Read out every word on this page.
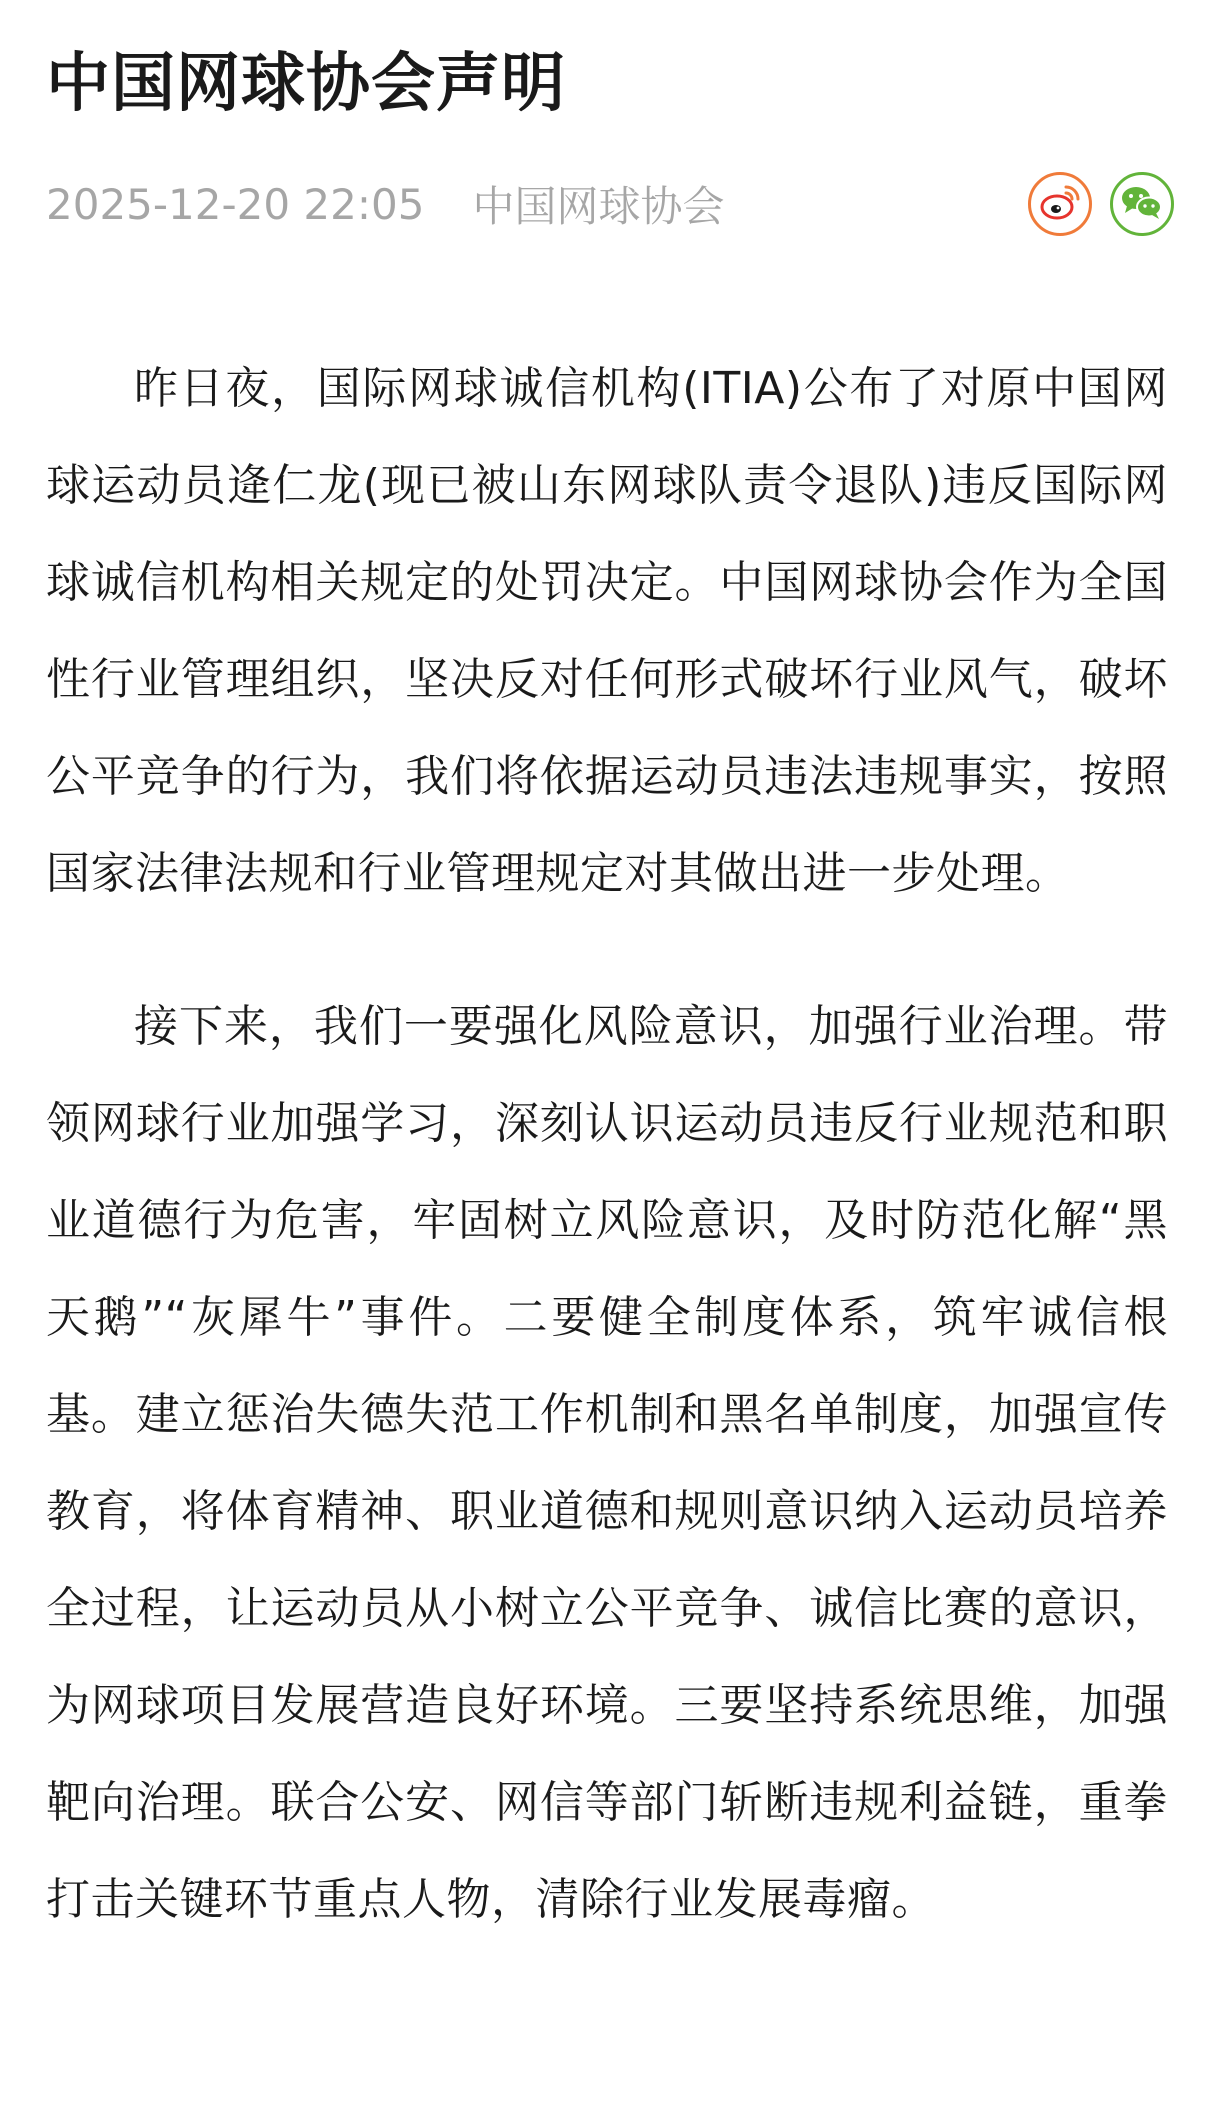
中国网球协会声明
2025-12-20 22:05 中国网球协会

昨日夜，国际网球诚信机构(ITIA)公布了对原中国网球运动员逄仁龙(现已被山东网球队责令退队)违反国际网球诚信机构相关规定的处罚决定。中国网球协会作为全国性行业管理组织，坚决反对任何形式破坏行业风气，破坏公平竞争的行为，我们将依据运动员违法违规事实，按照国家法律法规和行业管理规定对其做出进一步处理。

接下来，我们一要强化风险意识，加强行业治理。带领网球行业加强学习，深刻认识运动员违反行业规范和职业道德行为危害，牢固树立风险意识，及时防范化解“黑天鹅”“灰犀牛”事件。二要健全制度体系，筑牢诚信根基。建立惩治失德失范工作机制和黑名单制度，加强宣传教育，将体育精神、职业道德和规则意识纳入运动员培养全过程，让运动员从小树立公平竞争、诚信比赛的意识，为网球项目发展营造良好环境。三要坚持系统思维，加强靶向治理。联合公安、网信等部门斩断违规利益链，重拳打击关键环节重点人物，清除行业发展毒瘤。
